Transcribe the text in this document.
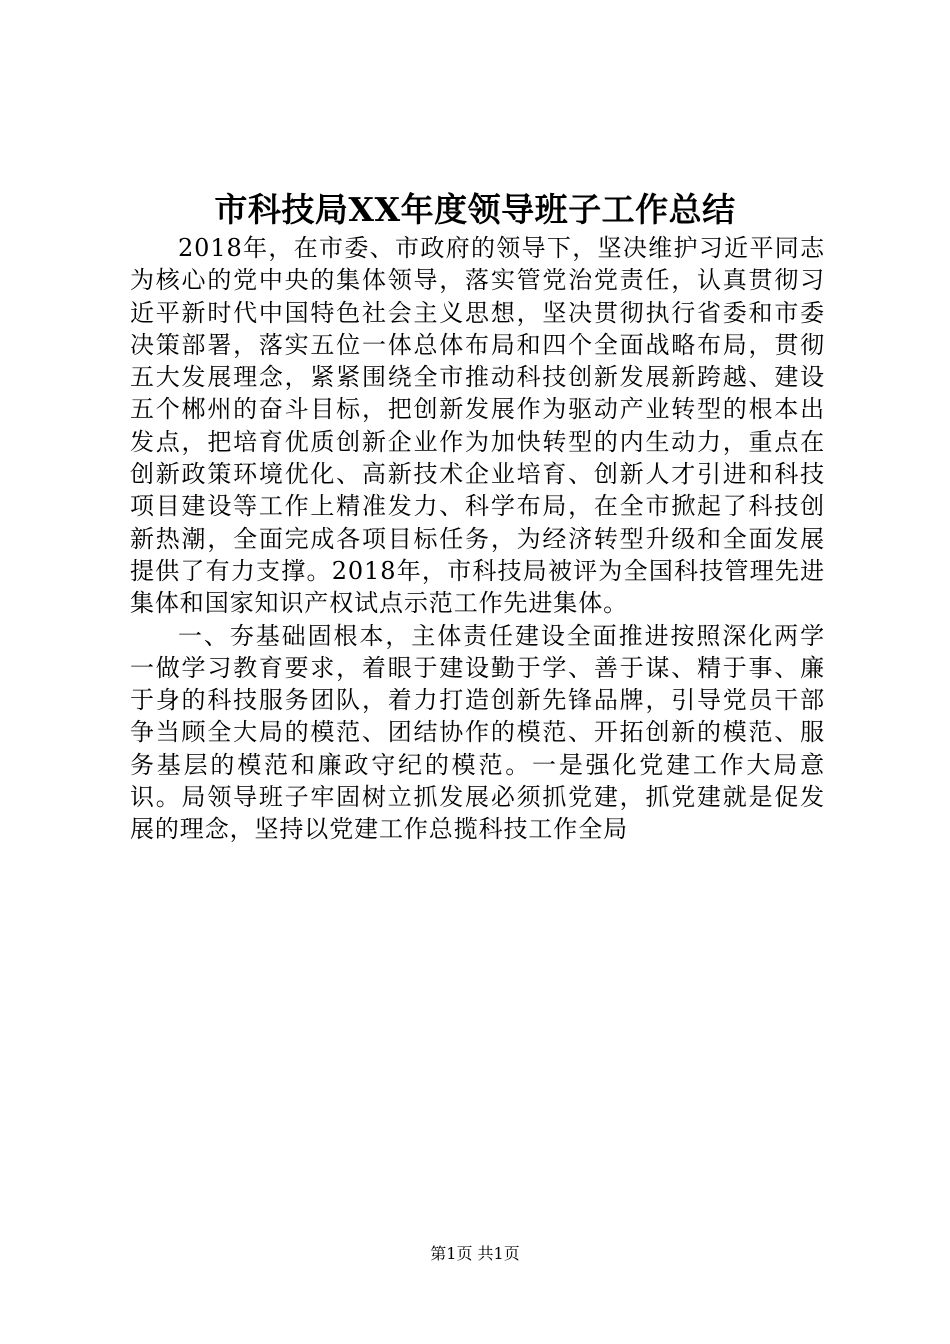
市科技局XX年度领导班子工作总结

2018年，在市委、市政府的领导下，坚决维护习近平同志为核心的党中央的集体领导，落实管党治党责任，认真贯彻习近平新时代中国特色社会主义思想，坚决贯彻执行省委和市委决策部署，落实五位一体总体布局和四个全面战略布局，贯彻五大发展理念，紧紧围绕全市推动科技创新发展新跨越、建设五个郴州的奋斗目标，把创新发展作为驱动产业转型的根本出发点，把培育优质创新企业作为加快转型的内生动力，重点在创新政策环境优化、高新技术企业培育、创新人才引进和科技项目建设等工作上精准发力、科学布局，在全市掀起了科技创新热潮，全面完成各项目标任务，为经济转型升级和全面发展提供了有力支撑。2018年，市科技局被评为全国科技管理先进集体和国家知识产权试点示范工作先进集体。

一、夯基础固根本，主体责任建设全面推进按照深化两学一做学习教育要求，着眼于建设勤于学、善于谋、精于事、廉于身的科技服务团队，着力打造创新先锋品牌，引导党员干部争当顾全大局的模范、团结协作的模范、开拓创新的模范、服务基层的模范和廉政守纪的模范。一是强化党建工作大局意识。局领导班子牢固树立抓发展必须抓党建，抓党建就是促发展的理念，坚持以党建工作总揽科技工作全局

第1页 共1页
